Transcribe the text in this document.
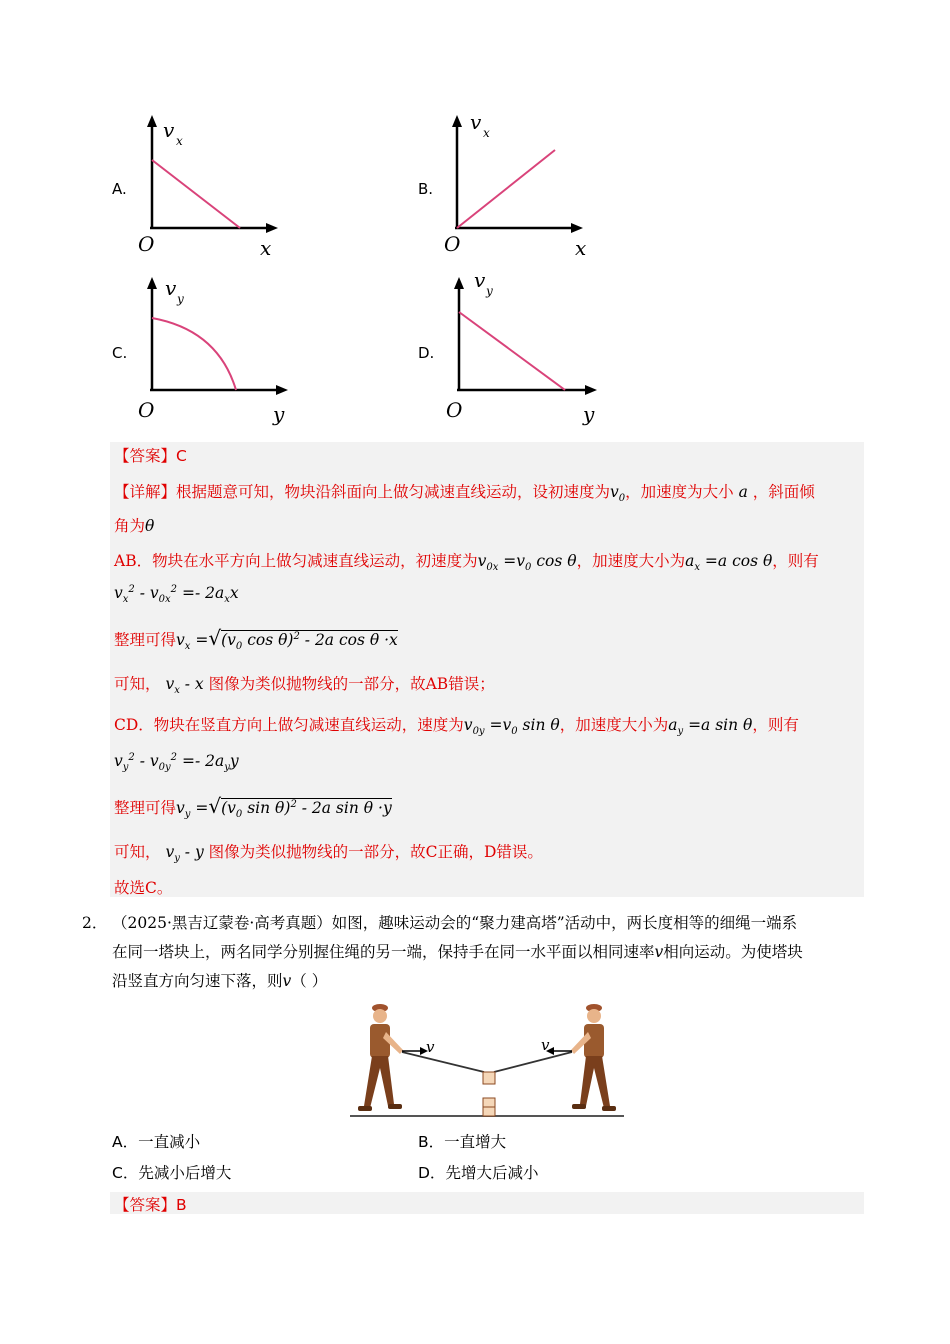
A.
v x
O	x
B.
v x
O	x
C.
v y
O	y
D.
v y
O	y
【答案】C
【详解】根据题意可知，物块沿斜面向上做匀减速直线运动，设初速度为$v_0$，加速度为大小 a ，斜面倾
角为θ
AB．物块在水平方向上做匀减速直线运动，初速度为$v_{0x} =v_0$ cos θ，加速度大小为$a_x =a$ cos θ，则有
$v_x^2 - v_{0x}^2 =- 2a_xx$
整理可得$v_x =√(v_0$ cos θ)$^2$ - 2a cos θ ·x
可知， $v_x$ - x 图像为类似抛物线的一部分，故AB错误；
CD．物块在竖直方向上做匀减速直线运动，速度为$v_{0y} =v_0$ sin θ，加速度大小为$a_y =a$ sin θ，则有
$v_y^2 - v_{0y}^2 =- 2a_yy$
整理可得$v_y =√(v_0$ sin θ)$^2$ - 2a sin θ ·y
可知， $v_y$ - y 图像为类似抛物线的一部分，故C正确，D错误。
故选C。
2． （2025·黑吉辽蒙卷·高考真题）如图，趣味运动会的“聚力建高塔”活动中，两长度相等的细绳一端系
在同一塔块上，两名同学分别握住绳的另一端，保持手在同一水平面以相同速率v相向运动。为使塔块
沿竖直方向匀速下落，则v（ ）
v	v
A．一直减小	B．一直增大
C．先减小后增大	D．先增大后减小
【答案】B
